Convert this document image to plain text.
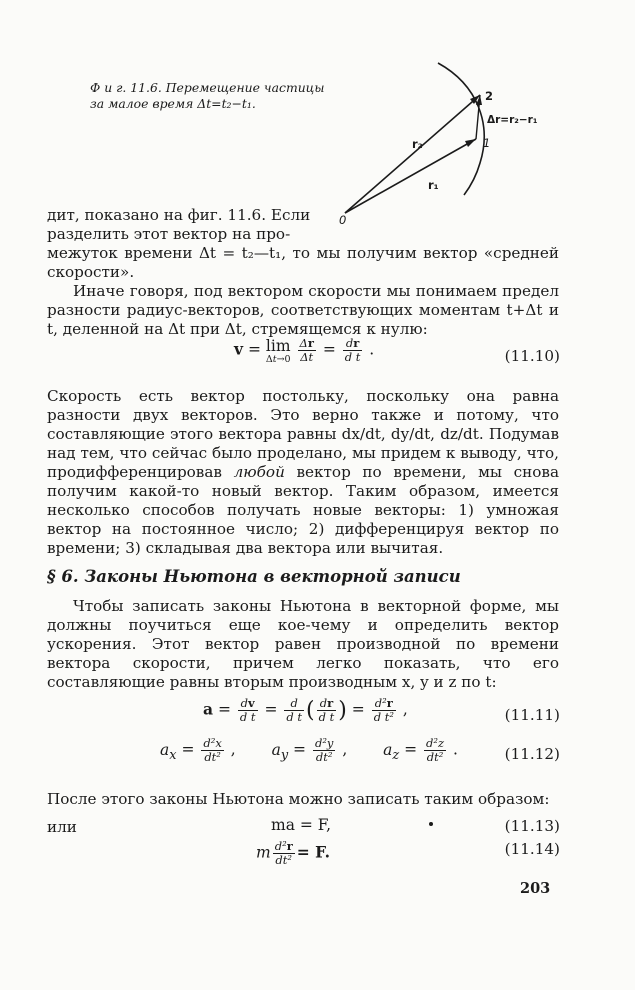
Ф и г. 11.6. Перемещение частицы
за малое время Δt=t₂−t₁.
0
1
2
r₂
r₁
Δr=r₂−r₁
дит, показано на фиг. 11.6. Если
разделить этот вектор на про-

межуток времени Δt = t₂—t₁, то мы получим вектор «средней скорости».

Иначе говоря, под вектором скорости мы понимаем предел разности радиус-векторов, соответствующих моментам t+Δt и t, деленной на Δt при Δt, стремящемся к нулю:

v = lim

Δt→0
$\frac{\Delta r}{\Delta t} = \frac{dr}{\text{d t}}$ .	(11.10)

Скорость есть вектор постольку, поскольку она равна разности двух векторов. Это верно также и потому, что составляющие этого вектора равны dx/dt, dy/dt, dz/dt. Подумав над тем, что сейчас было проделано, мы придем к выводу, что, продифференцировав любой вектор по времени, мы снова получим какой-то новый вектор. Таким образом, имеется несколько способов получать новые векторы: 1) умножая вектор на постоянное число; 2) дифференцируя вектор по времени; 3) складывая два вектора или вычитая.

§ 6. Законы Ньютона в векторной записи

Чтобы записать законы Ньютона в векторной форме, мы должны поучиться еще кое-чему и определить вектор ускорения. Этот вектор равен производной по времени вектора скорости, причем легко показать, что его составляющие равны вторым производным x, y и z по t:

$a = \frac{dv}{\text{d t}} = \frac{d}{\text{d t}}$ ( $\frac{dr}{\text{d t}}$ ) = $\frac{\text{d²r}}{\text{d t²}}$ ,	(11.11)
$a_x = \frac{\text{d²x}}{\text{dt²}}$ ,  $a_y = \frac{\text{d²y}}{\text{dt²}}$ ,  $a_z = \frac{\text{d²z}}{\text{dt²}}$ .	(11.12)

После этого законы Ньютона можно записать таким образом:

или	ma = F,	(11.13)
m $\frac{\text{d²r}}{\text{dt²}} = F$.	(11.14)
203
